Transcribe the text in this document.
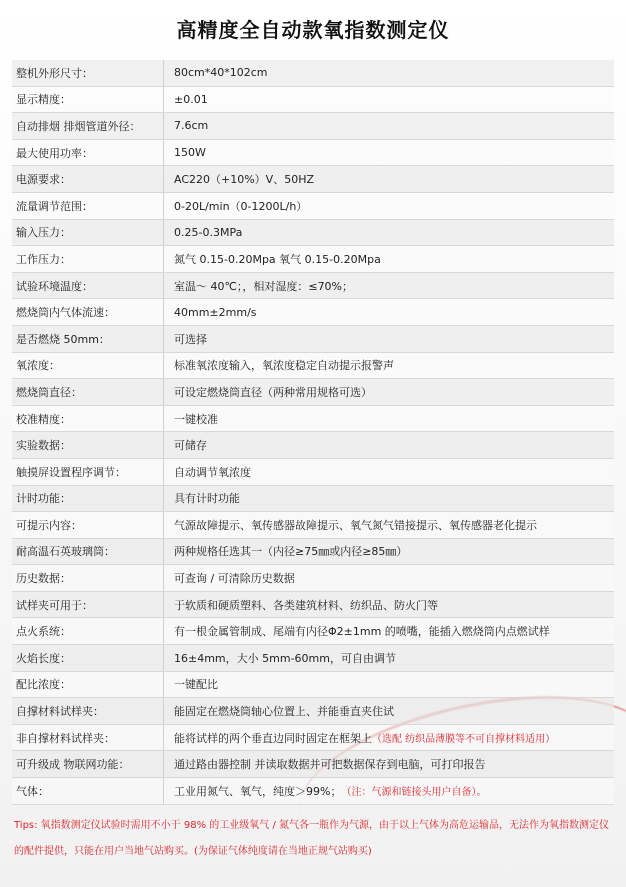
高精度全自动款氧指数测定仪
整机外形尺寸：	80cm*40*102cm
显示精度：	±0.01
自动排烟 排烟管道外径：	7.6cm
最大使用功率：	150W
电源要求：	AC220（+10%）V、50HZ
流量调节范围：	0-20L/min（0-1200L/h）
输入压力：	0.25-0.3MPa
工作压力：	氮气 0.15-0.20Mpa 氧气 0.15-0.20Mpa
试验环境温度：	室温～ 40℃；，相对湿度：≤70%；
燃烧筒内气体流速：	40mm±2mm/s
是否燃烧 50mm：	可选择
氧浓度：	标准氧浓度输入，氧浓度稳定自动提示报警声
燃烧筒直径：	可设定燃烧筒直径（两种常用规格可选）
校准精度：	一键校准
实验数据：	可储存
触摸屏设置程序调节：	自动调节氧浓度
计时功能：	具有计时功能
可提示内容：	气源故障提示、氧传感器故障提示、氧气氮气错接提示、氧传感器老化提示
耐高温石英玻璃筒：	两种规格任选其一（内径≥75㎜或内径≥85㎜）
历史数据：	可查询 / 可清除历史数据
试样夹可用于：	于软质和硬质塑料、各类建筑材料、纺织品、防火门等
点火系统：	有一根金属管制成、尾端有内径Φ2±1mm 的喷嘴，能插入燃烧筒内点燃试样
火焰长度：	16±4mm，大小 5mm-60mm，可自由调节
配比浓度：	一键配比
自撑材料试样夹：	能固定在燃烧筒轴心位置上、并能垂直夹住试
非自撑材料试样夹：	能将试样的两个垂直边同时固定在框架上 （选配 纺织品薄膜等不可自撑材料适用）
可升级成 物联网功能：	通过路由器控制 并读取数据并可把数据保存到电脑，可打印报告
气体：	工业用氮气、氧气，纯度＞99%； （注：气源和链接头用户自备）。
Tips: 氧指数测定仪试验时需用不小于 98% 的工业级氧气 / 氮气各一瓶作为气源，由于以上气体为高危运输品，无法作为氧指数测定仪的配件提供，只能在用户当地气站购买。(为保证气体纯度请在当地正规气站购买)
